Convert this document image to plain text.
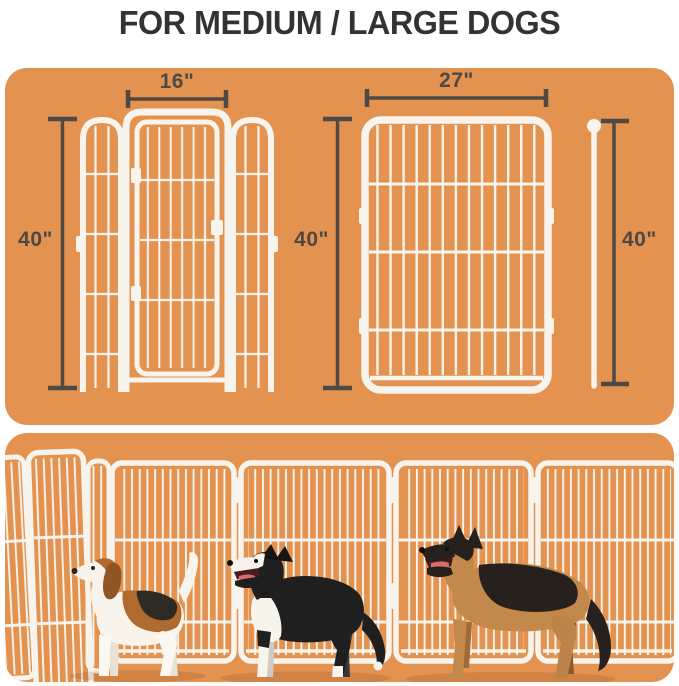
FOR MEDIUM / LARGE DOGS
16"
40"
27"
40"	40"
